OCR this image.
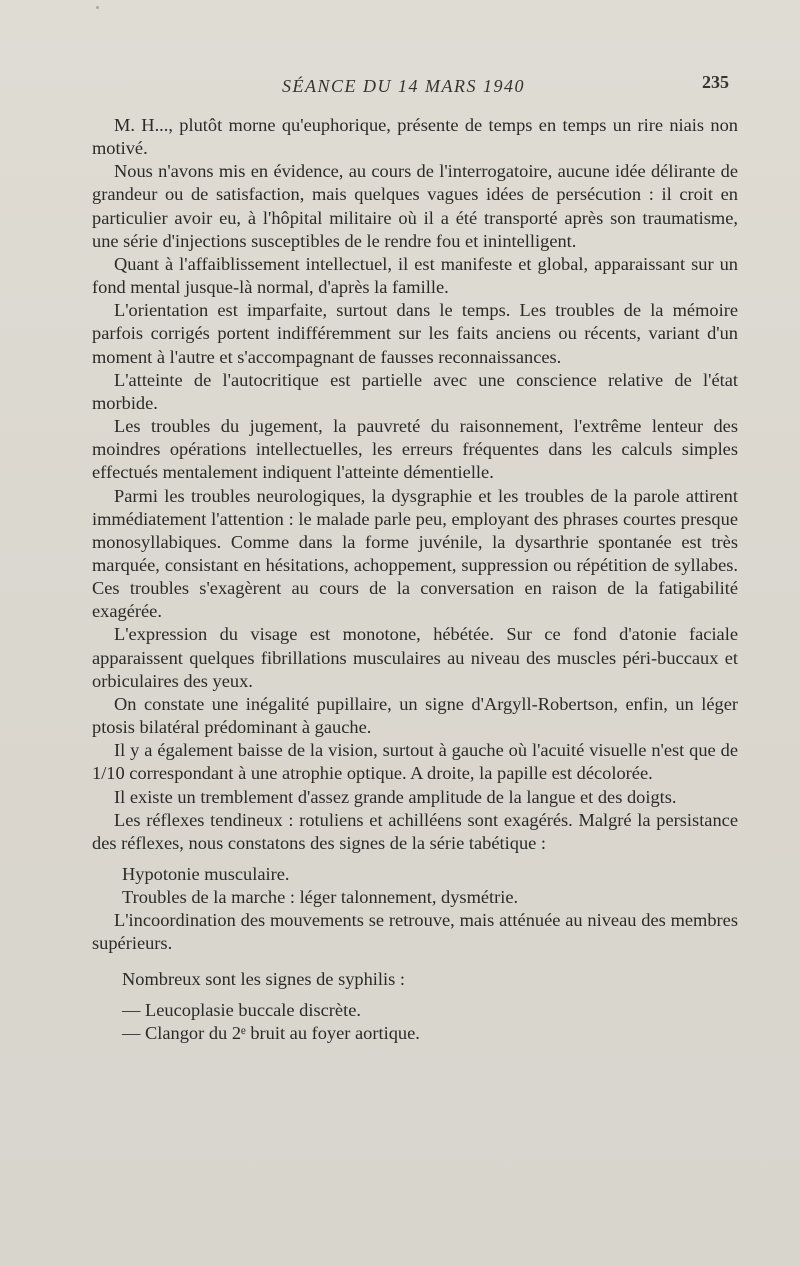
SÉANCE DU 14 MARS 1940	235

M. H..., plutôt morne qu'euphorique, présente de temps en temps un rire niais non motivé.

Nous n'avons mis en évidence, au cours de l'interrogatoire, aucune idée délirante de grandeur ou de satisfaction, mais quelques vagues idées de persécution : il croit en particulier avoir eu, à l'hôpital militaire où il a été transporté après son traumatisme, une série d'injections susceptibles de le rendre fou et inintelligent.

Quant à l'affaiblissement intellectuel, il est manifeste et global, apparaissant sur un fond mental jusque-là normal, d'après la famille.

L'orientation est imparfaite, surtout dans le temps. Les troubles de la mémoire parfois corrigés portent indifféremment sur les faits anciens ou récents, variant d'un moment à l'autre et s'accompagnant de fausses reconnaissances.

L'atteinte de l'autocritique est partielle avec une conscience relative de l'état morbide.

Les troubles du jugement, la pauvreté du raisonnement, l'extrême lenteur des moindres opérations intellectuelles, les erreurs fréquentes dans les calculs simples effectués mentalement indiquent l'atteinte démentielle.

Parmi les troubles neurologiques, la dysgraphie et les troubles de la parole attirent immédiatement l'attention : le malade parle peu, employant des phrases courtes presque monosyllabiques. Comme dans la forme juvénile, la dysarthrie spontanée est très marquée, consistant en hésitations, achoppement, suppression ou répétition de syllabes. Ces troubles s'exagèrent au cours de la conversation en raison de la fatigabilité exagérée.

L'expression du visage est monotone, hébétée. Sur ce fond d'atonie faciale apparaissent quelques fibrillations musculaires au niveau des muscles péri-buccaux et orbiculaires des yeux.

On constate une inégalité pupillaire, un signe d'Argyll-Robertson, enfin, un léger ptosis bilatéral prédominant à gauche.

Il y a également baisse de la vision, surtout à gauche où l'acuité visuelle n'est que de 1/10 correspondant à une atrophie optique. A droite, la papille est décolorée.

Il existe un tremblement d'assez grande amplitude de la langue et des doigts.

Les réflexes tendineux : rotuliens et achilléens sont exagérés. Malgré la persistance des réflexes, nous constatons des signes de la série tabétique :

Hypotonie musculaire.

Troubles de la marche : léger talonnement, dysmétrie.

L'incoordination des mouvements se retrouve, mais atténuée au niveau des membres supérieurs.

Nombreux sont les signes de syphilis :

— Leucoplasie buccale discrète.

— Clangor du 2ᵉ bruit au foyer aortique.
